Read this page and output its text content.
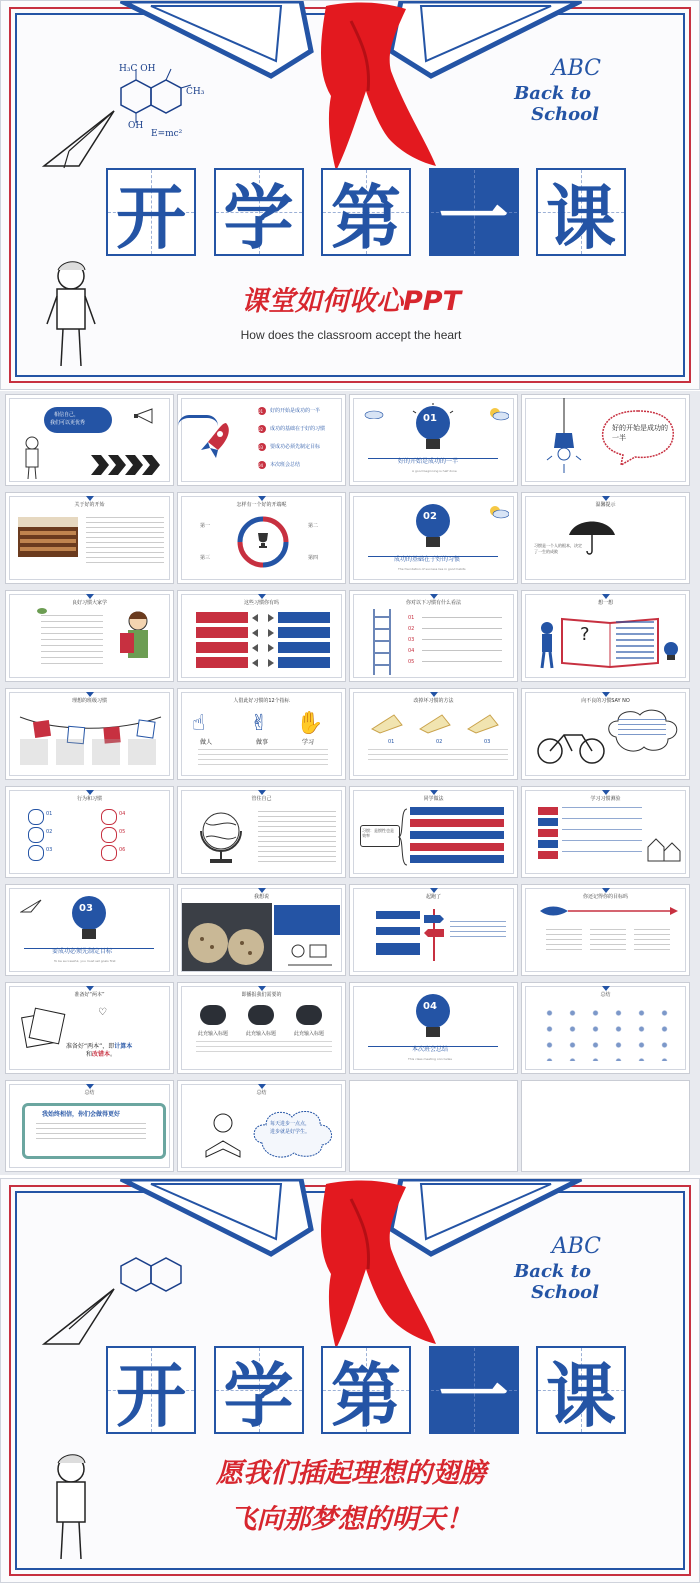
H₃C OH
CH₃
OH
E=mc²
ABC
Back to
School
开 学 第 一 课
课堂如何收心PPT
How does the classroom accept the heart
相信自己，
我们可以更优秀
01
02
03
04
好的开始是成功的一半
成功的基础在于好的习惯
要成功必须先制定目标
本次班会总结
01
好的开始是成功的一半
A good beginning is half done
好的开始是成功的一半
关于好的开始	怎样有一个好的开端呢
第一	第二
第三	第四
02
成功的基础在于好的习惯
The foundation of success lies in good habits
温馨提示
习惯是一个人的根本，决定了一生的成败
良好习惯大家学	这些习惯你有吗	你对以下习惯有什么看法
01
02
03
04
05
想一想
?
理想的班级习惯	人借此好习惯的12个指标
☝ ✌ ✋
做人	做事	学习
改掉坏习惯的方法
01	02	03
向不良的习惯SAY NO
行为和习惯
01
02
03
04
05
06
管住自己	同学做法
习惯：是惯性也是效率
学习习惯测验
03
要成功必须先制定目标
To be successful, you must set goals first
我想说	起跑了	你还记得你的目标吗
准备好“两本”
♡
准备好“两本”，即计算本
和改错本。
即播报我们需要的
此充输入标题	此充输入标题	此充输入标题
04
本次班会总结
This class meeting concludes
总结
总结
我始终相信，你们会做得更好
总结
每天进步一点点，
进步就是好学生。
ABC
Back to
School
开 学 第 一 课
愿我们插起理想的翅膀
飞向那梦想的明天！
